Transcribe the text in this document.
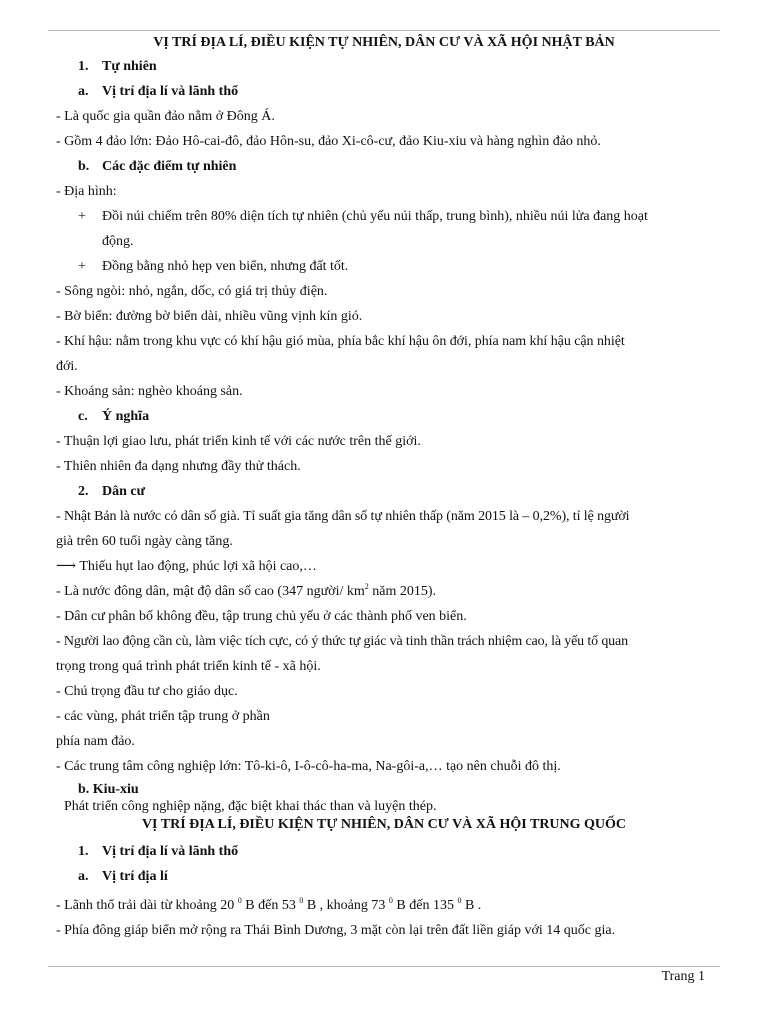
VỊ TRÍ ĐỊA LÍ, ĐIỀU KIỆN TỰ NHIÊN, DÂN CƯ VÀ XÃ HỘI NHẬT BẢN
1. Tự nhiên
a. Vị trí địa lí và lãnh thổ
- Là quốc gia quần đảo nằm ở Đông Á.
- Gồm 4 đảo lớn: Đảo Hô-cai-đô, đảo Hôn-su, đảo Xi-cô-cư, đảo Kiu-xiu và hàng nghìn đảo nhỏ.
b. Các đặc điểm tự nhiên
- Địa hình:
+ Đồi núi chiếm trên 80% diện tích tự nhiên (chủ yếu núi thấp, trung bình), nhiều núi lửa đang hoạt
động.
+ Đồng bằng nhỏ hẹp ven biển, nhưng đất tốt.
- Sông ngòi: nhỏ, ngắn, dốc, có giá trị thủy điện.
- Bờ biển: đường bờ biển dài, nhiều vũng vịnh kín gió.
- Khí hậu: nằm trong khu vực có khí hậu gió mùa, phía bắc khí hậu ôn đới, phía nam khí hậu cận nhiệt
đới.
- Khoáng sản: nghèo khoáng sản.
c. Ý nghĩa
- Thuận lợi giao lưu, phát triển kinh tế với các nước trên thế giới.
- Thiên nhiên đa dạng nhưng đầy thử thách.
2. Dân cư
- Nhật Bản là nước có dân số già. Tỉ suất gia tăng dân số tự nhiên thấp (năm 2015 là – 0,2%), tỉ lệ người
già trên 60 tuổi ngày càng tăng.
⟶ Thiếu hụt lao động, phúc lợi xã hội cao,…
- Là nước đông dân, mật độ dân số cao (347 người/ $km^2$ năm 2015).
- Dân cư phân bố không đều, tập trung chủ yếu ở các thành phố ven biển.
- Người lao động cần cù, làm việc tích cực, có ý thức tự giác và tinh thần trách nhiệm cao, là yếu tố quan
trọng trong quá trình phát triển kinh tế - xã hội.
- Chú trọng đầu tư cho giáo dục.
- các vùng, phát triển tập trung ở phần
phía nam đảo.
- Các trung tâm công nghiệp lớn: Tô-ki-ô, I-ô-cô-ha-ma, Na-gôi-a,… tạo nên chuỗi đô thị.
b. Kiu-xiu
Phát triển công nghiệp nặng, đặc biệt khai thác than và luyện thép.
VỊ TRÍ ĐỊA LÍ, ĐIỀU KIỆN TỰ NHIÊN, DÂN CƯ VÀ XÃ HỘI TRUNG QUỐC
1. Vị trí địa lí và lãnh thổ
a. Vị trí địa lí
- Lãnh thổ trải dài từ khoảng 20 $^0$ B đến 53 $^0$ B , khoảng 73 $^0$ B đến 135 $^0$ B .
- Phía đông giáp biển mở rộng ra Thái Bình Dương, 3 mặt còn lại trên đất liền giáp với 14 quốc gia.
Trang 1
